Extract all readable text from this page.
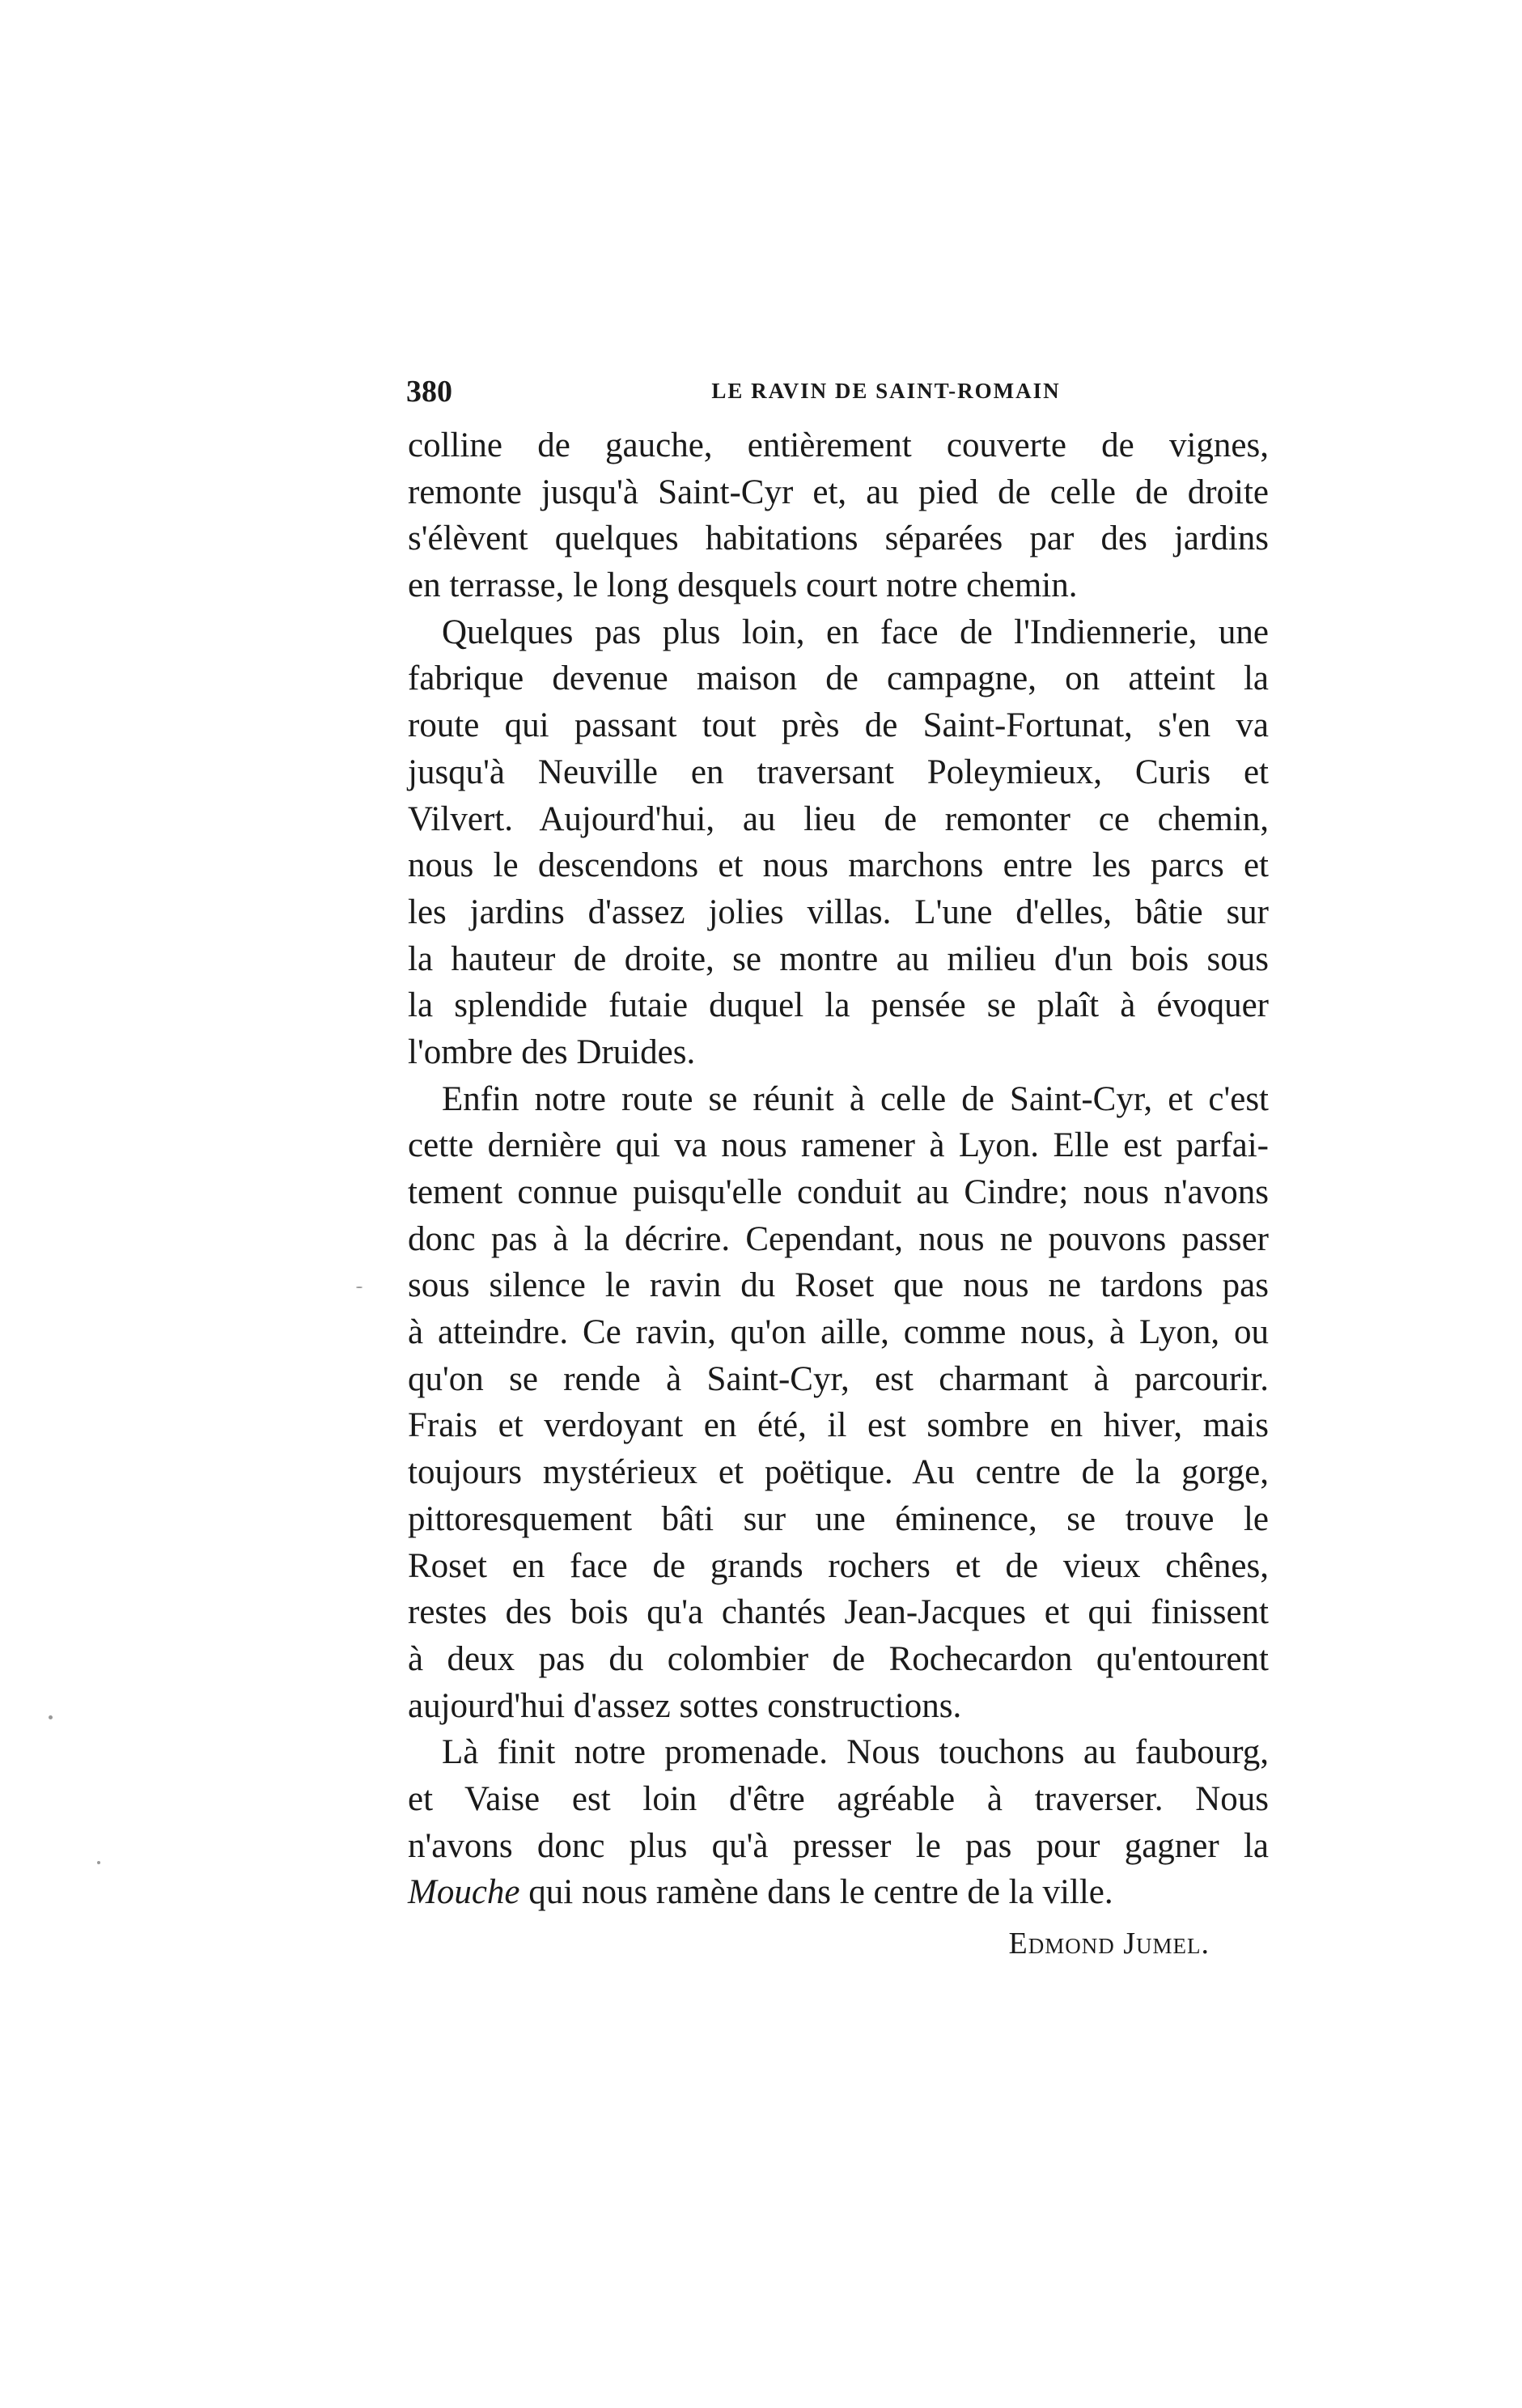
380	LE RAVIN DE SAINT-ROMAIN
colline de gauche, entièrement couverte de vignes,
remonte jusqu'à Saint-Cyr et, au pied de celle de droite
s'élèvent quelques habitations séparées par des jardins
en terrasse, le long desquels court notre chemin.
Quelques pas plus loin, en face de l'Indiennerie, une
fabrique devenue maison de campagne, on atteint la
route qui passant tout près de Saint-Fortunat, s'en va
jusqu'à Neuville en traversant Poleymieux, Curis et
Vilvert. Aujourd'hui, au lieu de remonter ce chemin,
nous le descendons et nous marchons entre les parcs et
les jardins d'assez jolies villas. L'une d'elles, bâtie sur
la hauteur de droite, se montre au milieu d'un bois sous
la splendide futaie duquel la pensée se plaît à évoquer
l'ombre des Druides.
Enfin notre route se réunit à celle de Saint-Cyr, et c'est
cette dernière qui va nous ramener à Lyon. Elle est parfai-
tement connue puisqu'elle conduit au Cindre; nous n'avons
donc pas à la décrire. Cependant, nous ne pouvons passer
sous silence le ravin du Roset que nous ne tardons pas
à atteindre. Ce ravin, qu'on aille, comme nous, à Lyon, ou
qu'on se rende à Saint-Cyr, est charmant à parcourir.
Frais et verdoyant en été, il est sombre en hiver, mais
toujours mystérieux et poëtique. Au centre de la gorge,
pittoresquement bâti sur une éminence, se trouve le
Roset en face de grands rochers et de vieux chênes,
restes des bois qu'a chantés Jean-Jacques et qui finissent
à deux pas du colombier de Rochecardon qu'entourent
aujourd'hui d'assez sottes constructions.
Là finit notre promenade. Nous touchons au faubourg,
et Vaise est loin d'être agréable à traverser. Nous
n'avons donc plus qu'à presser le pas pour gagner la
Mouche qui nous ramène dans le centre de la ville.
Edmond Jumel.
